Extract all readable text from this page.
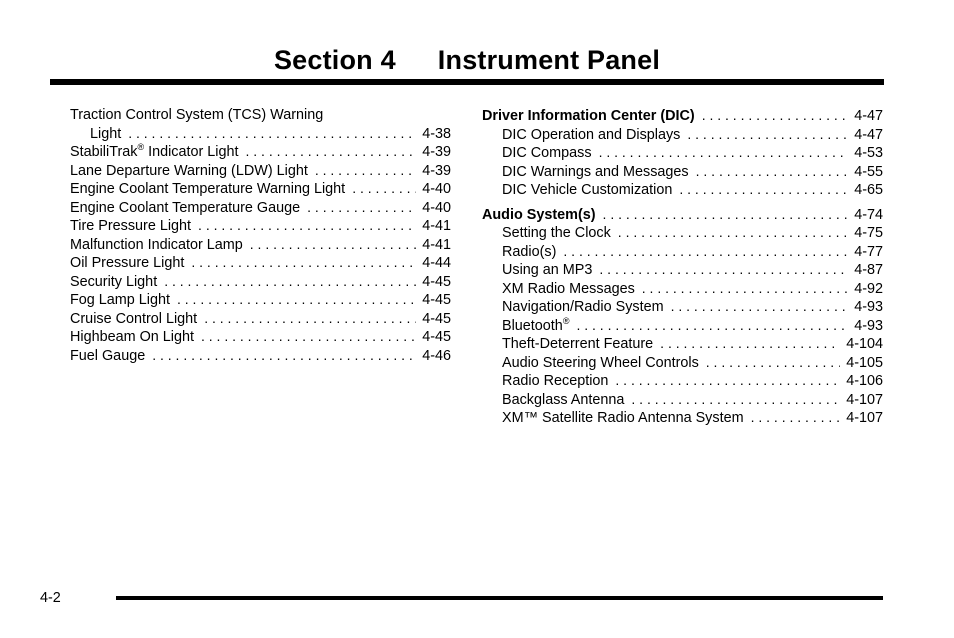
Section 4 Instrument Panel
Traction Control System (TCS) Warning
Light . . .	4-38
StabiliTrak® Indicator Light . . .	4-39
Lane Departure Warning (LDW) Light . . .	4-39
Engine Coolant Temperature Warning Light . . .	4-40
Engine Coolant Temperature Gauge . . .	4-40
Tire Pressure Light . . .	4-41
Malfunction Indicator Lamp . . .	4-41
Oil Pressure Light . . .	4-44
Security Light . . .	4-45
Fog Lamp Light . . .	4-45
Cruise Control Light . . .	4-45
Highbeam On Light . . .	4-45
Fuel Gauge . . .	4-46
Driver Information Center (DIC) . . .	4-47
DIC Operation and Displays . . .	4-47
DIC Compass . . .	4-53
DIC Warnings and Messages . . .	4-55
DIC Vehicle Customization . . .	4-65
Audio System(s) . . .	4-74
Setting the Clock . . .	4-75
Radio(s) . . .	4-77
Using an MP3 . . .	4-87
XM Radio Messages . . .	4-92
Navigation/Radio System . . .	4-93
Bluetooth® . . .	4-93
Theft-Deterrent Feature . . .	4-104
Audio Steering Wheel Controls . . .	4-105
Radio Reception . . .	4-106
Backglass Antenna . . .	4-107
XM™ Satellite Radio Antenna System . . .	4-107
4-2
